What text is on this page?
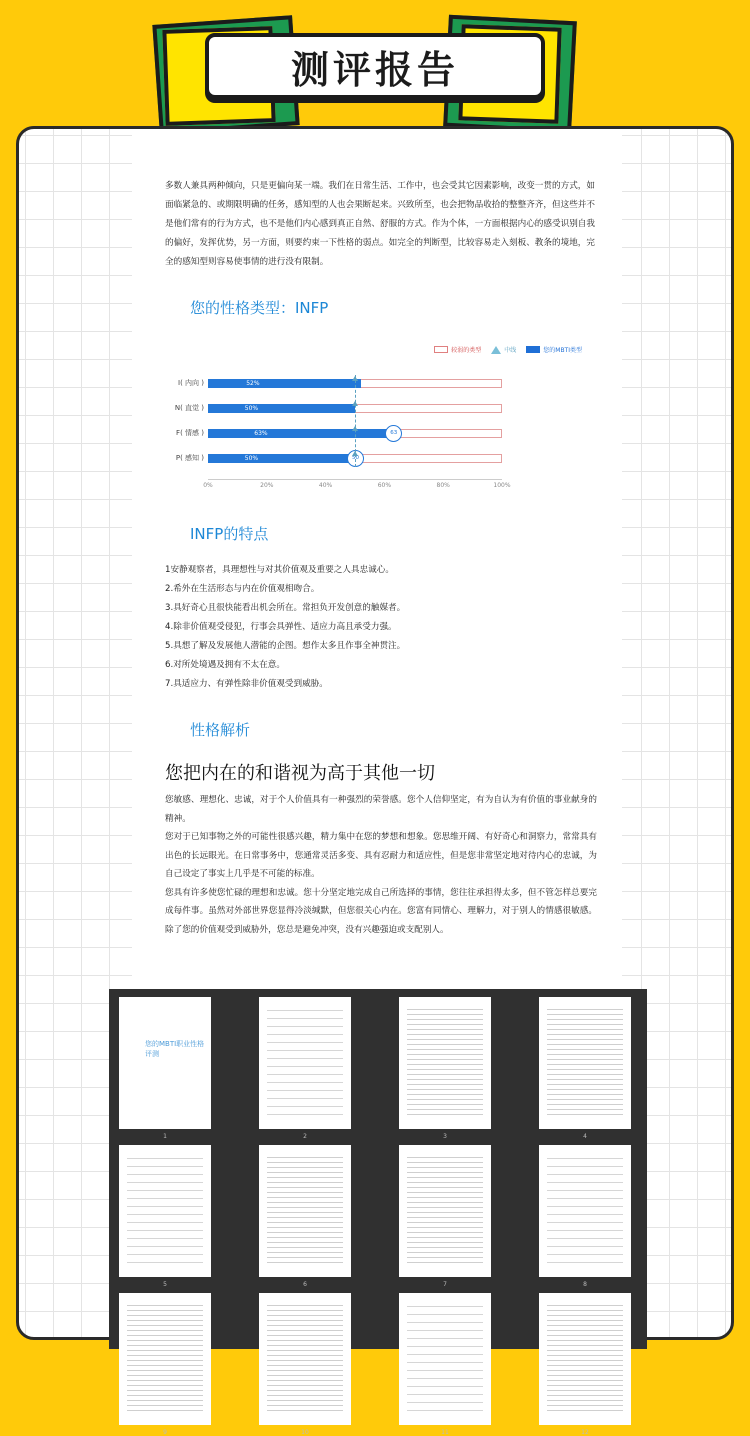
测评报告

多数人兼具两种倾向，只是更偏向某一端。我们在日常生活、工作中，也会受其它因素影响，改变一贯的方式，如面临紧急的、或期限明确的任务，感知型的人也会果断起来。兴致所至，也会把物品收拾的整整齐齐，但这些并不是他们常有的行为方式，也不是他们内心感到真正自然、舒服的方式。作为个体，一方面根据内心的感受识别自我的偏好，发挥优势，另一方面，则要约束一下性格的弱点。如完全的判断型，比较容易走入刻板、教条的境地，完全的感知型则容易使事情的进行没有限制。

您的性格类型：INFP
较弱的类型	中线	您的MBTI类型
I( 内向 )	52%
N( 直觉 )	50%
F( 情感 )	63%	63
P( 感知 )	50%	50
0%	20%	40%	60%	80%	100%
INFP的特点
1安静观察者，具理想性与对其价值观及重要之人具忠诚心。
2.希外在生活形态与内在价值观相吻合。
3.具好奇心且很快能看出机会所在。常担负开发创意的触媒者。
4.除非价值观受侵犯，行事会具弹性、适应力高且承受力强。
5.具想了解及发展他人潜能的企图。想作太多且作事全神贯注。
6.对所处境遇及拥有不太在意。
7.具适应力、有弹性除非价值观受到威胁。
性格解析
您把内在的和谐视为高于其他一切

您敏感、理想化、忠诚，对于个人价值具有一种强烈的荣誉感。您个人信仰坚定，有为自认为有价值的事业献身的精神。

您对于已知事物之外的可能性很感兴趣，精力集中在您的梦想和想象。您思维开阔、有好奇心和洞察力，常常具有出色的长远眼光。在日常事务中，您通常灵活多变、具有忍耐力和适应性，但是您非常坚定地对待内心的忠诚，为自己设定了事实上几乎是不可能的标准。

您具有许多使您忙碌的理想和忠诚。您十分坚定地完成自己所选择的事情，您往往承担得太多，但不管怎样总要完成每件事。虽然对外部世界您显得冷淡缄默，但您很关心内在。您富有同情心、理解力，对于别人的情感很敏感。除了您的价值观受到威胁外，您总是避免冲突，没有兴趣强迫或支配别人。

您的MBTI职业性格评测
1	2	3	4
5	6	7	8
9	10	11	12
